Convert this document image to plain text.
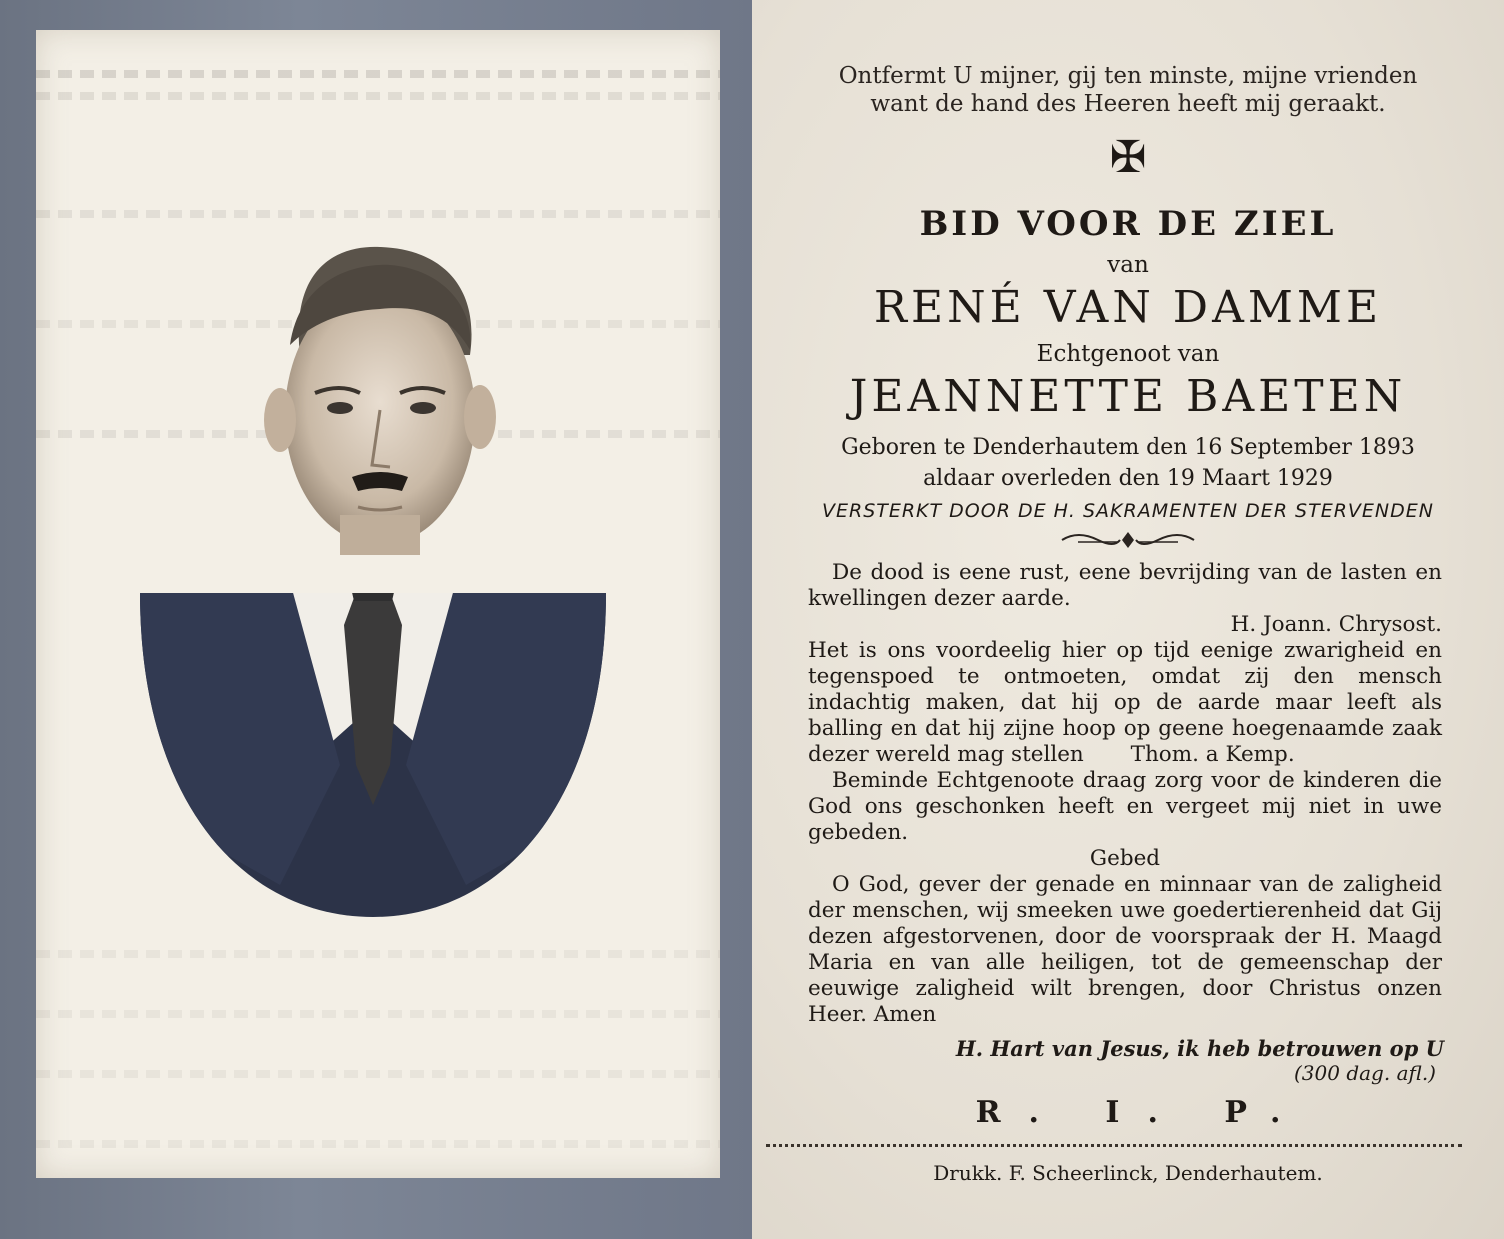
Ontfermt U mijner, gij ten minste, mijne vrienden
want de hand des Heeren heeft mij geraakt.
✠
BID VOOR DE ZIEL
van
RENÉ VAN DAMME
Echtgenoot van
JEANNETTE BAETEN
Geboren te Denderhautem den 16 September 1893
aldaar overleden den 19 Maart 1929
VERSTERKT DOOR DE H. SAKRAMENTEN DER STERVENDEN

De dood is eene rust, eene bevrijding van de lasten en kwellingen dezer aarde.

H. Joann. Chrysost.

Het is ons voordeelig hier op tijd eenige zwarigheid en tegenspoed te ontmoeten, omdat zij den mensch indachtig maken, dat hij op de aarde maar leeft als balling en dat hij zijne hoop op geene hoegenaamde zaak dezer wereld mag stellen Thom. a Kemp.

Beminde Echtgenoote draag zorg voor de kinderen die God ons geschonken heeft en vergeet mij niet in uwe gebeden.

Gebed

O God, gever der genade en minnaar van de zaligheid der menschen, wij smeeken uwe goedertierenheid dat Gij dezen afgestorvenen, door de voorspraak der H. Maagd Maria en van alle heiligen, tot de gemeenschap der eeuwige zaligheid wilt brengen, door Christus onzen Heer. Amen

H. Hart van Jesus, ik heb betrouwen op U
(300 dag. afl.)
R. I. P.
Drukk. F. Scheerlinck, Denderhautem.
